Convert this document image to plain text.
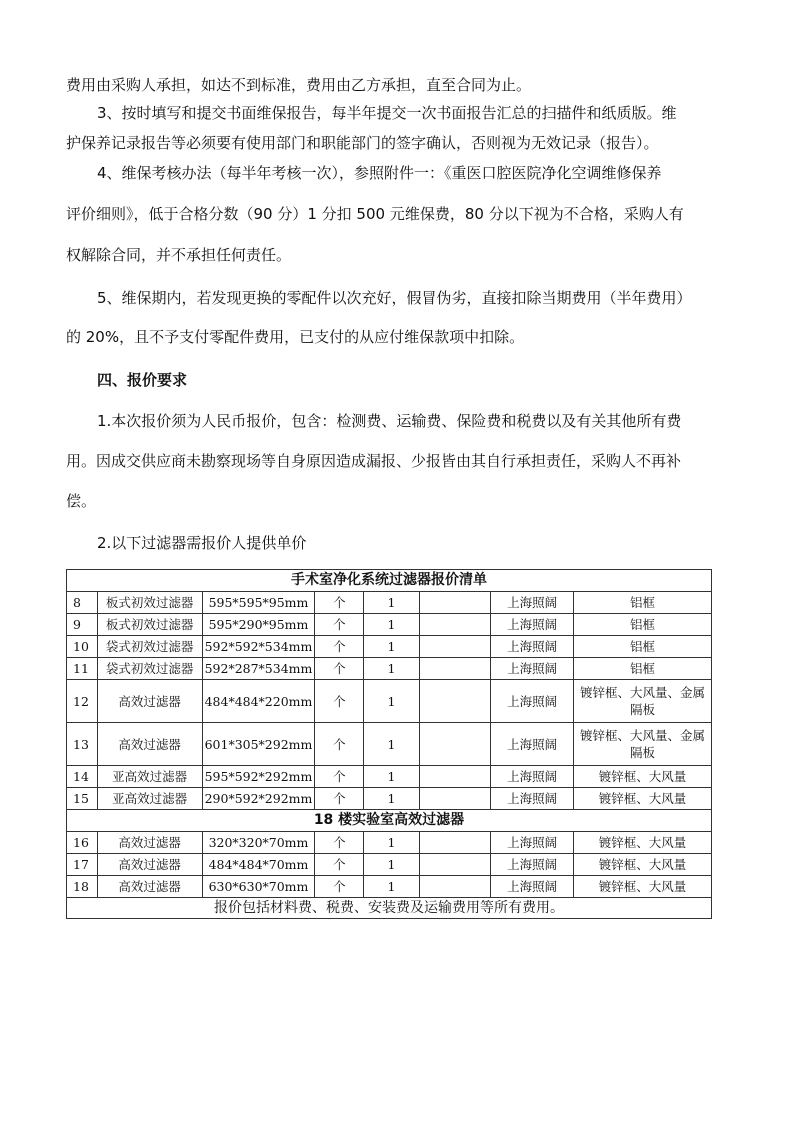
费用由采购人承担，如达不到标准，费用由乙方承担，直至合同为止。
3、按时填写和提交书面维保报告，每半年提交一次书面报告汇总的扫描件和纸质版。维
护保养记录报告等必须要有使用部门和职能部门的签字确认，否则视为无效记录（报告）。
4、维保考核办法（每半年考核一次），参照附件一：《重医口腔医院净化空调维修保养
评价细则》，低于合格分数（90 分）1 分扣 500 元维保费，80 分以下视为不合格，采购人有
权解除合同，并不承担任何责任。
5、维保期内，若发现更换的零配件以次充好，假冒伪劣，直接扣除当期费用（半年费用）
的 20%，且不予支付零配件费用，已支付的从应付维保款项中扣除。
四、报价要求
1.本次报价须为人民币报价，包含：检测费、运输费、保险费和税费以及有关其他所有费
用。因成交供应商未勘察现场等自身原因造成漏报、少报皆由其自行承担责任，采购人不再补
偿。
2.以下过滤器需报价人提供单价
手术室净化系统过滤器报价清单							
8	板式初效过滤器	595*595*95mm	个	1		上海照阔	铝框
9	板式初效过滤器	595*290*95mm	个	1		上海照阔	铝框
10	袋式初效过滤器	592*592*534mm	个	1		上海照阔	铝框
11	袋式初效过滤器	592*287*534mm	个	1		上海照阔	铝框
12	高效过滤器	484*484*220mm	个	1		上海照阔	镀锌框、大风量、金属隔板
13	高效过滤器	601*305*292mm	个	1		上海照阔	镀锌框、大风量、金属隔板
14	亚高效过滤器	595*592*292mm	个	1		上海照阔	镀锌框、大风量
15	亚高效过滤器	290*592*292mm	个	1		上海照阔	镀锌框、大风量
18 楼实验室高效过滤器							
16	高效过滤器	320*320*70mm	个	1		上海照阔	镀锌框、大风量
17	高效过滤器	484*484*70mm	个	1		上海照阔	镀锌框、大风量
18	高效过滤器	630*630*70mm	个	1		上海照阔	镀锌框、大风量
报价包括材料费、税费、安装费及运输费用等所有费用。							
